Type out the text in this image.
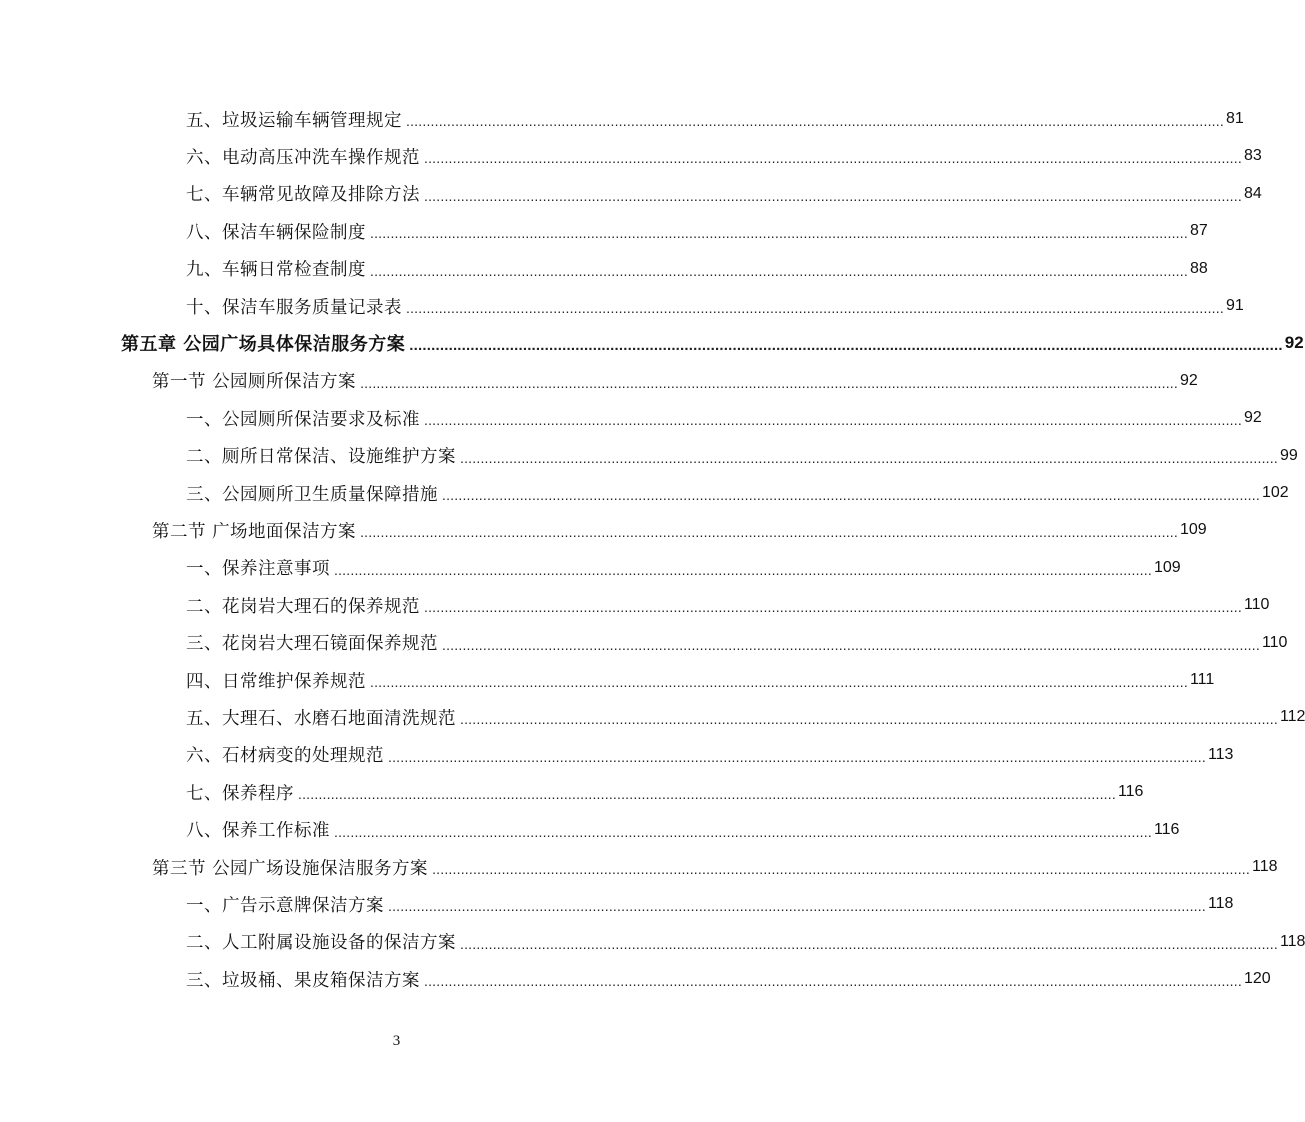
五、垃圾运输车辆管理规定 ........................................................................................................................................................................................................ 81
六、电动高压冲洗车操作规范 ........................................................................................................................................................................................................ 83
七、车辆常见故障及排除方法 ........................................................................................................................................................................................................ 84
八、保洁车辆保险制度 ........................................................................................................................................................................................................ 87
九、车辆日常检查制度 ........................................................................................................................................................................................................ 88
十、保洁车服务质量记录表 ........................................................................................................................................................................................................ 91
第五章 公园广场具体保洁服务方案 ........................................................................................................................................................................................................ 92
第一节 公园厕所保洁方案 ........................................................................................................................................................................................................ 92
一、公园厕所保洁要求及标准 ........................................................................................................................................................................................................ 92
二、厕所日常保洁、设施维护方案 ........................................................................................................................................................................................................ 99
三、公园厕所卫生质量保障措施 ........................................................................................................................................................................................................ 102
第二节 广场地面保洁方案 ........................................................................................................................................................................................................ 109
一、保养注意事项 ........................................................................................................................................................................................................ 109
二、花岗岩大理石的保养规范 ........................................................................................................................................................................................................ 110
三、花岗岩大理石镜面保养规范 ........................................................................................................................................................................................................ 110
四、日常维护保养规范 ........................................................................................................................................................................................................ 111
五、大理石、水磨石地面清洗规范 ........................................................................................................................................................................................................ 112
六、石材病变的处理规范 ........................................................................................................................................................................................................ 113
七、保养程序 ........................................................................................................................................................................................................ 116
八、保养工作标准 ........................................................................................................................................................................................................ 116
第三节 公园广场设施保洁服务方案 ........................................................................................................................................................................................................ 118
一、广告示意牌保洁方案 ........................................................................................................................................................................................................ 118
二、人工附属设施设备的保洁方案 ........................................................................................................................................................................................................ 118
三、垃圾桶、果皮箱保洁方案 ........................................................................................................................................................................................................ 120
3
